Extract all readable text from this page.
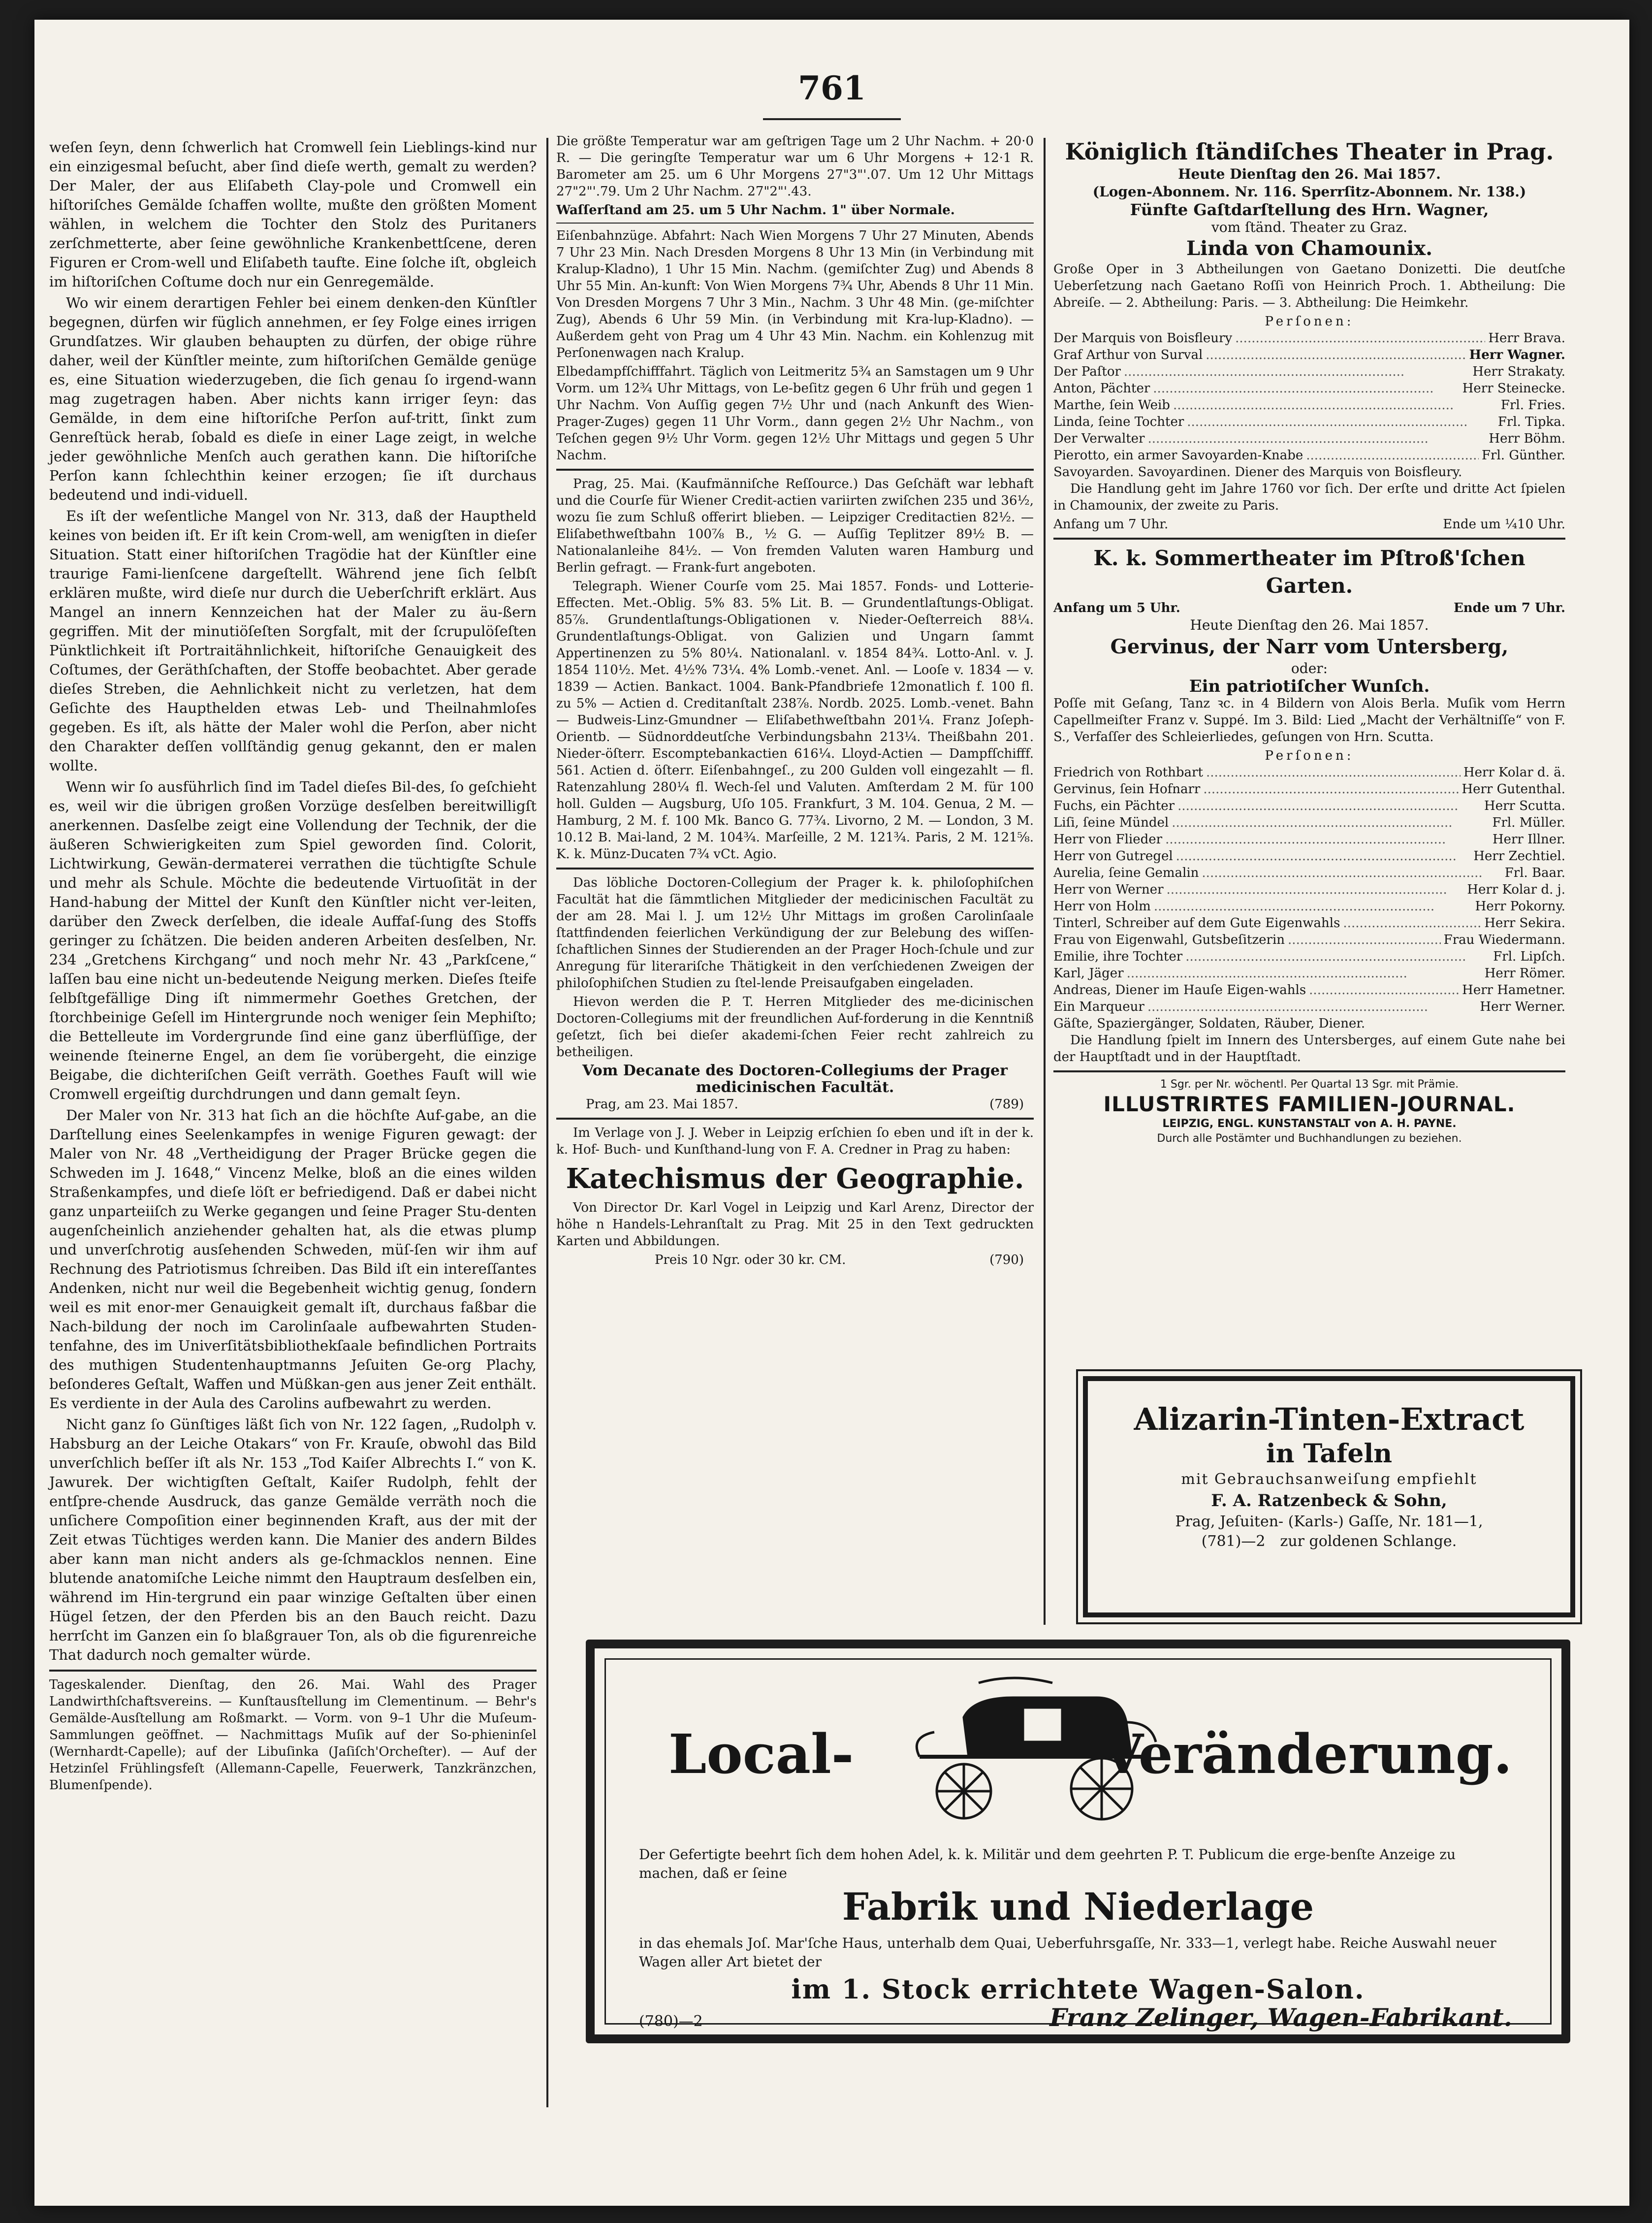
761

weſen ſeyn, denn ſchwerlich hat Cromwell ſein Lieblings-kind nur ein einzigesmal beſucht, aber ſind dieſe werth, gemalt zu werden? Der Maler, der aus Eliſabeth Clay-pole und Cromwell ein hiſtoriſches Gemälde ſchaffen wollte, mußte den größten Moment wählen, in welchem die Tochter den Stolz des Puritaners zerſchmetterte, aber ſeine gewöhnliche Krankenbettſcene, deren Figuren er Crom-well und Eliſabeth taufte. Eine ſolche iſt, obgleich im hiſtoriſchen Coſtume doch nur ein Genregemälde.

Wo wir einem derartigen Fehler bei einem denken-den Künſtler begegnen, dürfen wir füglich annehmen, er ſey Folge eines irrigen Grundſatzes. Wir glauben behaupten zu dürfen, der obige rühre daher, weil der Künſtler meinte, zum hiſtoriſchen Gemälde genüge es, eine Situation wiederzugeben, die ſich genau ſo irgend-wann mag zugetragen haben. Aber nichts kann irriger ſeyn: das Gemälde, in dem eine hiſtoriſche Perſon auf-tritt, ſinkt zum Genreſtück herab, ſobald es dieſe in einer Lage zeigt, in welche jeder gewöhnliche Menſch auch gerathen kann. Die hiſtoriſche Perſon kann ſchlechthin keiner erzogen; ſie iſt durchaus bedeutend und indi-viduell.

Es iſt der weſentliche Mangel von Nr. 313, daß der Hauptheld keines von beiden iſt. Er iſt kein Crom-well, am wenigſten in dieſer Situation. Statt einer hiſtoriſchen Tragödie hat der Künſtler eine traurige Fami-lienſcene dargeſtellt. Während jene ſich ſelbſt erklären mußte, wird dieſe nur durch die Ueberſchrift erklärt. Aus Mangel an innern Kennzeichen hat der Maler zu äu-ßern gegriffen. Mit der minutiöſeſten Sorgfalt, mit der ſcrupulöſeſten Pünktlichkeit iſt Portraitähnlichkeit, hiſtoriſche Genauigkeit des Coſtumes, der Geräthſchaften, der Stoffe beobachtet. Aber gerade dieſes Streben, die Aehnlichkeit nicht zu verletzen, hat dem Geſichte des Haupthelden etwas Leb- und Theilnahmloſes gegeben. Es iſt, als hätte der Maler wohl die Perſon, aber nicht den Charakter deſſen vollſtändig genug gekannt, den er malen wollte.

Wenn wir ſo ausführlich ſind im Tadel dieſes Bil-des, ſo geſchieht es, weil wir die übrigen großen Vorzüge desſelben bereitwilligſt anerkennen. Dasſelbe zeigt eine Vollendung der Technik, der die äußeren Schwierigkeiten zum Spiel geworden ſind. Colorit, Lichtwirkung, Gewän-dermaterei verrathen die tüchtigſte Schule und mehr als Schule. Möchte die bedeutende Virtuoſität in der Hand-habung der Mittel der Kunſt den Künſtler nicht ver-leiten, darüber den Zweck derſelben, die ideale Auffaſ-ſung des Stoffs geringer zu ſchätzen. Die beiden anderen Arbeiten desſelben, Nr. 234 „Gretchens Kirchgang“ und noch mehr Nr. 43 „Parkſcene,“ laſſen bau eine nicht un-bedeutende Neigung merken. Dieſes ſteife ſelbſtgefällige Ding iſt nimmermehr Goethes Gretchen, der ſtorchbeinige Geſell im Hintergrunde noch weniger ſein Mephiſto; die Bettelleute im Vordergrunde ſind eine ganz überflüſſige, der weinende ſteinerne Engel, an dem ſie vorübergeht, die einzige Beigabe, die dichteriſchen Geiſt verräth. Goethes Fauſt will wie Cromwell ergeiſtig durchdrungen und dann gemalt ſeyn.

Der Maler von Nr. 313 hat ſich an die höchſte Auf-gabe, an die Darſtellung eines Seelenkampfes in wenige Figuren gewagt: der Maler von Nr. 48 „Vertheidigung der Prager Brücke gegen die Schweden im J. 1648,“ Vincenz Melke, bloß an die eines wilden Straßenkampfes, und dieſe löſt er befriedigend. Daß er dabei nicht ganz unparteiiſch zu Werke gegangen und ſeine Prager Stu-denten augenſcheinlich anziehender gehalten hat, als die etwas plump und unverſchrotig ausſehenden Schweden, müſ-ſen wir ihm auf Rechnung des Patriotismus ſchreiben. Das Bild iſt ein intereſſantes Andenken, nicht nur weil die Begebenheit wichtig genug, ſondern weil es mit enor-mer Genauigkeit gemalt iſt, durchaus faßbar die Nach-bildung der noch im Carolinſaale aufbewahrten Studen-tenfahne, des im Univerſitätsbibliothekſaale befindlichen Portraits des muthigen Studentenhauptmanns Jeſuiten Ge-org Plachy, beſonderes Geſtalt, Waffen und Müßkan-gen aus jener Zeit enthält. Es verdiente in der Aula des Carolins aufbewahrt zu werden.

Nicht ganz ſo Günſtiges läßt ſich von Nr. 122 ſagen, „Rudolph v. Habsburg an der Leiche Otakars“ von Fr. Krauſe, obwohl das Bild unverſchlich beſſer iſt als Nr. 153 „Tod Kaiſer Albrechts I.“ von K. Jawurek. Der wichtigſten Geſtalt, Kaiſer Rudolph, fehlt der entſpre-chende Ausdruck, das ganze Gemälde verräth noch die unſichere Compoſition einer beginnenden Kraft, aus der mit der Zeit etwas Tüchtiges werden kann. Die Manier des andern Bildes aber kann man nicht anders als ge-ſchmacklos nennen. Eine blutende anatomiſche Leiche nimmt den Hauptraum desſelben ein, während im Hin-tergrund ein paar winzige Geſtalten über einen Hügel ſetzen, der den Pferden bis an den Bauch reicht. Dazu herrſcht im Ganzen ein ſo blaßgrauer Ton, als ob die figurenreiche That dadurch noch gemalter würde.

Tageskalender. Dienſtag, den 26. Mai. Wahl des Prager Landwirthſchaftsvereins. — Kunſtausſtellung im Clementinum. — Behr's Gemälde-Ausſtellung am Roßmarkt. — Vorm. von 9–1 Uhr die Muſeum-Sammlungen geöffnet. — Nachmittags Muſik auf der So-phieninſel (Wernhardt-Capelle); auf der Libuſinka (Jaſiſch'Orcheſter). — Auf der Hetzinſel Frühlingsfeſt (Allemann-Capelle, Feuerwerk, Tanzkränzchen, Blumenſpende).

Die größte Temperatur war am geſtrigen Tage um 2 Uhr Nachm. + 20·0 R. — Die geringſte Temperatur war um 6 Uhr Morgens + 12·1 R. Barometer am 25. um 6 Uhr Morgens 27"3"'.07. Um 12 Uhr Mittags 27"2"'.79. Um 2 Uhr Nachm. 27"2"'.43.

Waſſerſtand am 25. um 5 Uhr Nachm. 1" über Normale.

Eiſenbahnzüge. Abfahrt: Nach Wien Morgens 7 Uhr 27 Minuten, Abends 7 Uhr 23 Min. Nach Dresden Morgens 8 Uhr 13 Min (in Verbindung mit Kralup-Kladno), 1 Uhr 15 Min. Nachm. (gemiſchter Zug) und Abends 8 Uhr 55 Min. An-kunft: Von Wien Morgens 7¾ Uhr, Abends 8 Uhr 11 Min. Von Dresden Morgens 7 Uhr 3 Min., Nachm. 3 Uhr 48 Min. (ge-miſchter Zug), Abends 6 Uhr 59 Min. (in Verbindung mit Kra-lup-Kladno). — Außerdem geht von Prag um 4 Uhr 43 Min. Nachm. ein Kohlenzug mit Perſonenwagen nach Kralup.

Elbedampfſchifffahrt. Täglich von Leitmeritz 5¾ an Samstagen um 9 Uhr Vorm. um 12¾ Uhr Mittags, von Le-beſitz gegen 6 Uhr früh und gegen 1 Uhr Nachm. Von Auſſig gegen 7½ Uhr und (nach Ankunft des Wien-Prager-Zuges) gegen 11 Uhr Vorm., dann gegen 2½ Uhr Nachm., von Teſchen gegen 9½ Uhr Vorm. gegen 12½ Uhr Mittags und gegen 5 Uhr Nachm.

Prag, 25. Mai. (Kaufmänniſche Reſſource.) Das Geſchäft war lebhaft und die Courſe für Wiener Credit-actien variirten zwiſchen 235 und 36½, wozu ſie zum Schluß offerirt blieben. — Leipziger Creditactien 82½. — Eliſabethweſtbahn 100⅞ B., ½ G. — Auſſig Teplitzer 89½ B. — Nationalanleihe 84½. — Von fremden Valuten waren Hamburg und Berlin gefragt. — Frank-furt angeboten.

Telegraph. Wiener Courſe vom 25. Mai 1857. Fonds- und Lotterie-Effecten. Met.-Oblig. 5% 83. 5% Lit. B. — Grundentlaſtungs-Obligat. 85⅞. Grundentlaſtungs-Obligationen v. Nieder-Oeſterreich 88¼. Grundentlaſtungs-Obligat. von Galizien und Ungarn ſammt Appertinenzen zu 5% 80¼. Nationalanl. v. 1854 84¾. Lotto-Anl. v. J. 1854 110½. Met. 4½% 73¼. 4% Lomb.-venet. Anl. — Looſe v. 1834 — v. 1839 — Actien. Bankact. 1004. Bank-Pfandbriefe 12monatlich f. 100 fl. zu 5% — Actien d. Creditanſtalt 238⅞. Nordb. 2025. Lomb.-venet. Bahn — Budweis-Linz-Gmundner — Eliſabethweſtbahn 201¼. Franz Joſeph-Orientb. — Südnorddeutſche Verbindungsbahn 213¼. Theißbahn 201. Nieder-öſterr. Escomptebankactien 616¼. Lloyd-Actien — Dampfſchifff. 561. Actien d. öſterr. Eiſenbahngeſ., zu 200 Gulden voll eingezahlt — fl. Ratenzahlung 280¼ fl. Wech-ſel und Valuten. Amſterdam 2 M. für 100 holl. Gulden — Augsburg, Uſo 105. Frankfurt, 3 M. 104. Genua, 2 M. — Hamburg, 2 M. f. 100 Mk. Banco G. 77¾. Livorno, 2 M. — London, 3 M. 10.12 B. Mai-land, 2 M. 104¾. Marſeille, 2 M. 121¾. Paris, 2 M. 121⅝. K. k. Münz-Ducaten 7¾ vCt. Agio.

Das löbliche Doctoren-Collegium der Prager k. k. philoſophiſchen Facultät hat die ſämmtlichen Mitglieder der medicinischen Facultät zu der am 28. Mai l. J. um 12½ Uhr Mittags im großen Carolinſaale ſtattfindenden feierlichen Verkündigung der zur Belebung des wiſſen-ſchaftlichen Sinnes der Studierenden an der Prager Hoch-ſchule und zur Anregung für literariſche Thätigkeit in den verſchiedenen Zweigen der philoſophiſchen Studien zu ſtel-lende Preisaufgaben eingeladen.

Hievon werden die P. T. Herren Mitglieder des me-dicinischen Doctoren-Collegiums mit der freundlichen Auf-forderung in die Kenntniß geſetzt, ſich bei dieſer akademi-ſchen Feier recht zahlreich zu betheiligen.

Vom Decanate des Doctoren-Collegiums der Prager medicinischen Facultät.
Prag, am 23. Mai 1857.	(789)

Im Verlage von J. J. Weber in Leipzig erſchien ſo eben und iſt in der k. k. Hof- Buch- und Kunſthand-lung von F. A. Credner in Prag zu haben:

Katechismus der Geographie.

Von Director Dr. Karl Vogel in Leipzig und Karl Arenz, Director der höhe n Handels-Lehranſtalt zu Prag. Mit 25 in den Text gedruckten Karten und Abbildungen.

Preis 10 Ngr. oder 30 kr. CM.	(790)
Königlich ſtändiſches Theater in Prag.
Heute Dienſtag den 26. Mai 1857.
(Logen-Abonnem. Nr. 116. Sperrſitz-Abonnem. Nr. 138.)
Fünfte Gaſtdarſtellung des Hrn. Wagner,
vom ſtänd. Theater zu Graz.
Linda von Chamounix.

Große Oper in 3 Abtheilungen von Gaetano Donizetti. Die deutſche Ueberſetzung nach Gaetano Roſſi von Heinrich Proch. 1. Abtheilung: Die Abreiſe. — 2. Abtheilung: Paris. — 3. Abtheilung: Die Heimkehr.

Perſonen:
Der Marquis von Boisfleury .....	Herr Brava.
Graf Arthur von Surval .....	Herr Wagner.
Der Paſtor .....	Herr Strakaty.
Anton, Pächter .....	Herr Steinecke.
Marthe, ſein Weib .....	Frl. Fries.
Linda, ſeine Tochter .....	Frl. Tipka.
Der Verwalter .....	Herr Böhm.
Pierotto, ein armer Savoyarden-Knabe .....	Frl. Günther.
Savoyarden. Savoyardinen. Diener des Marquis von Boisfleury.

Die Handlung geht im Jahre 1760 vor ſich. Der erſte und dritte Act ſpielen in Chamounix, der zweite zu Paris.

Anfang um 7 Uhr.	Ende um ¼10 Uhr.
K. k. Sommertheater im Pſtroß'ſchen Garten.
Anfang um 5 Uhr.	Ende um 7 Uhr.
Heute Dienſtag den 26. Mai 1857.
Gervinus, der Narr vom Untersberg,
oder:
Ein patriotiſcher Wunſch.

Poſſe mit Geſang, Tanz ꝛc. in 4 Bildern von Alois Berla. Muſik vom Herrn Capellmeiſter Franz v. Suppé. Im 3. Bild: Lied „Macht der Verhältniſſe“ von F. S., Verfaſſer des Schleierliedes, geſungen von Hrn. Scutta.

Perſonen:
Friedrich von Rothbart .....	Herr Kolar d. ä.
Gervinus, ſein Hofnarr .....	Herr Gutenthal.
Fuchs, ein Pächter .....	Herr Scutta.
Liſi, ſeine Mündel .....	Frl. Müller.
Herr von Flieder .....	Herr Illner.
Herr von Gutregel .....	Herr Zechtiel.
Aurelia, ſeine Gemalin .....	Frl. Baar.
Herr von Werner .....	Herr Kolar d. j.
Herr von Holm .....	Herr Pokorny.
Tinterl, Schreiber auf dem Gute Eigenwahls .....	Herr Sekira.
Frau von Eigenwahl, Gutsbeſitzerin .....	Frau Wiedermann.
Emilie, ihre Tochter .....	Frl. Lipſch.
Karl, Jäger .....	Herr Römer.
Andreas, Diener im Hauſe Eigen-wahls .....	Herr Hametner.
Ein Marqueur .....	Herr Werner.
Gäſte, Spaziergänger, Soldaten, Räuber, Diener.

Die Handlung ſpielt im Innern des Untersberges, auf einem Gute nahe bei der Hauptſtadt und in der Hauptſtadt.

1 Sgr. per Nr. wöchentl. Per Quartal 13 Sgr. mit Prämie.
ILLUSTRIRTES FAMILIEN-JOURNAL.
LEIPZIG, ENGL. KUNSTANSTALT von A. H. PAYNE.
Durch alle Postämter und Buchhandlungen zu beziehen.
Alizarin-Tinten-Extract
in Tafeln
mit Gebrauchsanweiſung empfiehlt
F. A. Ratzenbeck & Sohn,
Prag, Jeſuiten- (Karls-) Gaſſe, Nr. 181—1,
(781)—2 zur goldenen Schlange.
Local-	Veränderung.
Der Gefertigte beehrt ſich dem hohen Adel, k. k. Militär und dem geehrten P. T. Publicum die erge-benſte Anzeige zu machen, daß er ſeine
Fabrik und Niederlage
in das ehemals Joſ. Mar'ſche Haus, unterhalb dem Quai, Ueberfuhrsgaſſe, Nr. 333—1, verlegt habe. Reiche Auswahl neuer Wagen aller Art bietet der
im 1. Stock errichtete Wagen-Salon.
(780)—2	Franz Zelinger, Wagen-Fabrikant.
